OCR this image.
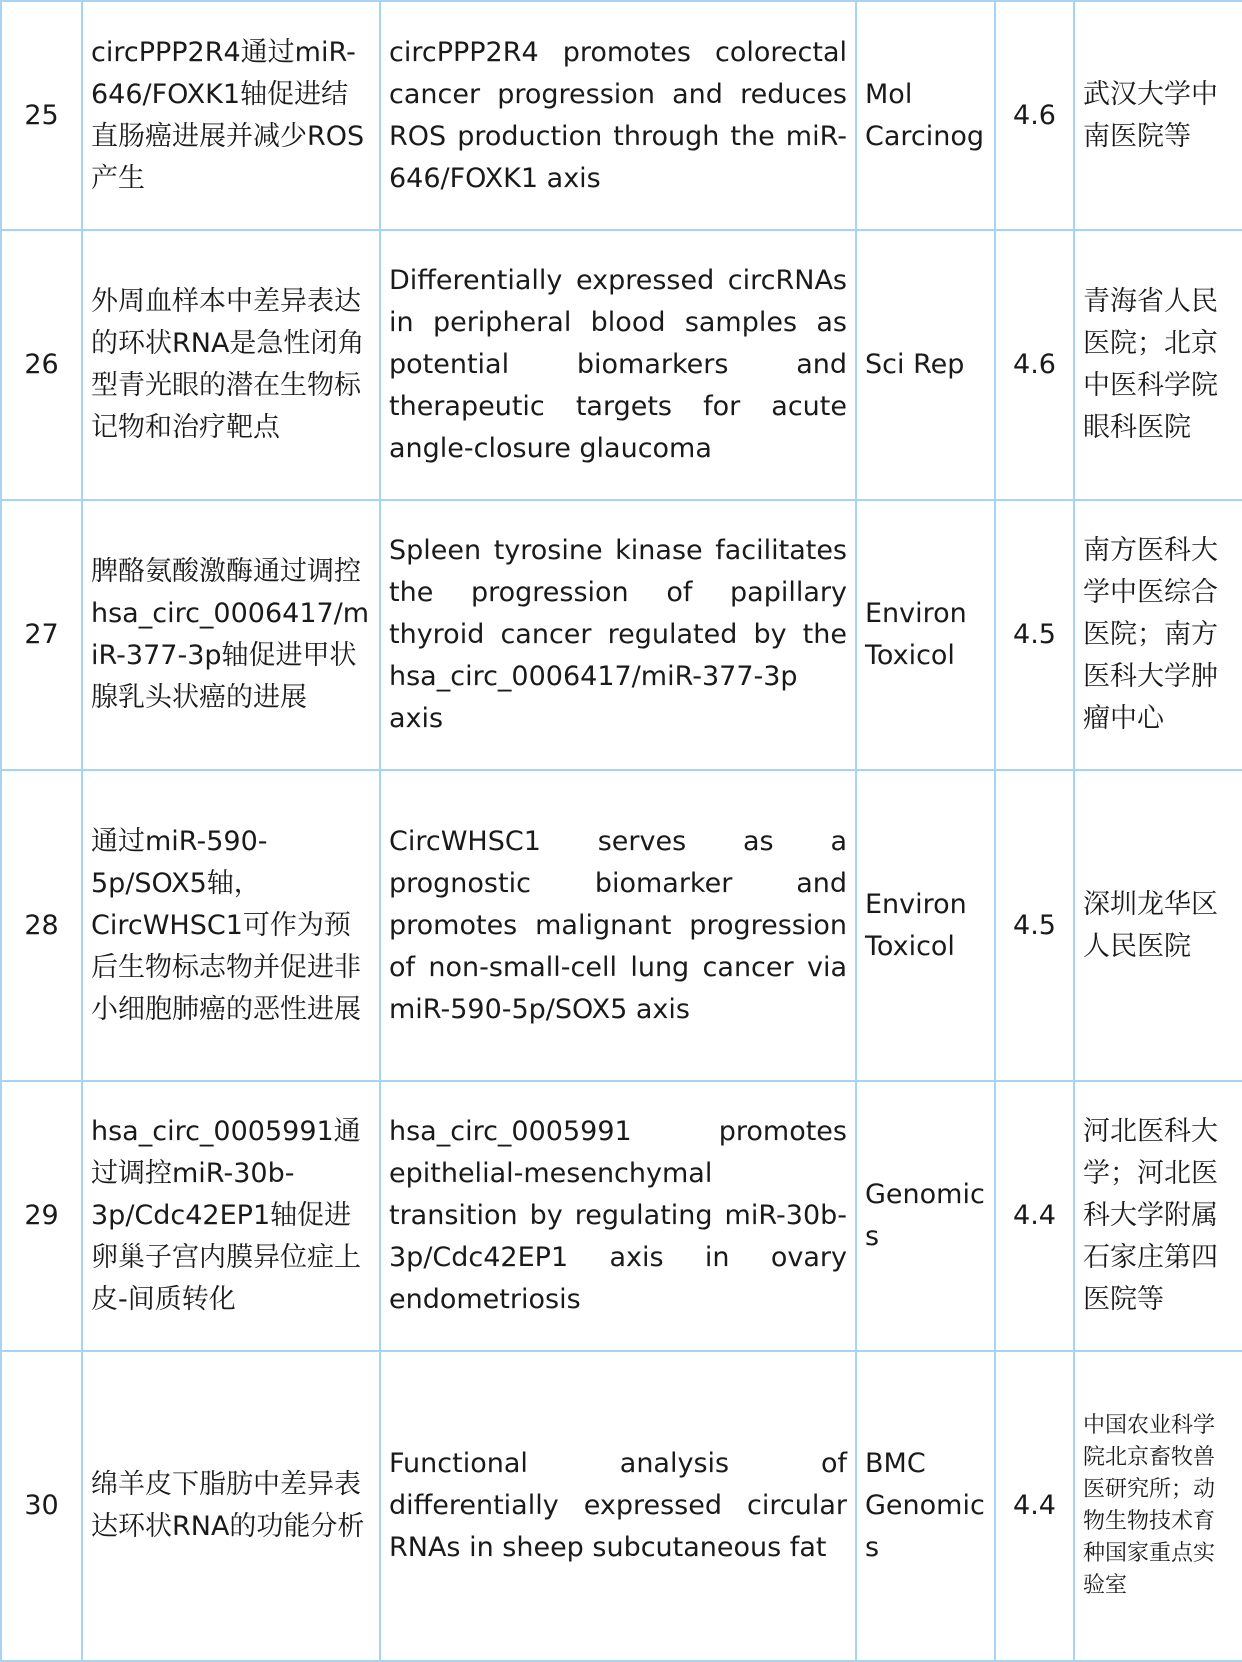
25	circPPP2R4通过miR-646/FOXK1轴促进结直肠癌进展并减少ROS产生	circPPP2R4 promotes colorectal cancer progression and reduces ROS production through the miR-646/FOXK1 axis	Mol Carcinog	4.6	武汉大学中南医院等
26	外周血样本中差异表达的环状RNA是急性闭角型青光眼的潜在生物标记物和治疗靶点	Differentially expressed circRNAs in peripheral blood samples as potential biomarkers and therapeutic targets for acute angle-closure glaucoma	Sci Rep	4.6	青海省人民医院；北京中医科学院眼科医院
27	脾酪氨酸激酶通过调控hsa_circ_0006417/miR-377-3p轴促进甲状腺乳头状癌的进展	Spleen tyrosine kinase facilitates the progression of papillary thyroid cancer regulated by the hsa_circ_0006417/miR-377-3p axis	Environ Toxicol	4.5	南方医科大学中医综合医院；南方医科大学肿瘤中心
28	通过miR-590-5p/SOX5轴，CircWHSC1可作为预后生物标志物并促进非小细胞肺癌的恶性进展	CircWHSC1 serves as a prognostic biomarker and promotes malignant progression of non-small-cell lung cancer via miR-590-5p/SOX5 axis	Environ Toxicol	4.5	深圳龙华区人民医院
29	hsa_circ_0005991通过调控miR-30b-3p/Cdc42EP1轴促进卵巢子宫内膜异位症上皮-间质转化	hsa_circ_0005991 promotes epithelial-mesenchymal transition by regulating miR-30b-3p/Cdc42EP1 axis in ovary endometriosis	Genomics	4.4	河北医科大学；河北医科大学附属石家庄第四医院等
30	绵羊皮下脂肪中差异表达环状RNA的功能分析	Functional analysis of differentially expressed circular RNAs in sheep subcutaneous fat	BMC Genomics	4.4	中国农业科学院北京畜牧兽医研究所；动物生物技术育种国家重点实验室
